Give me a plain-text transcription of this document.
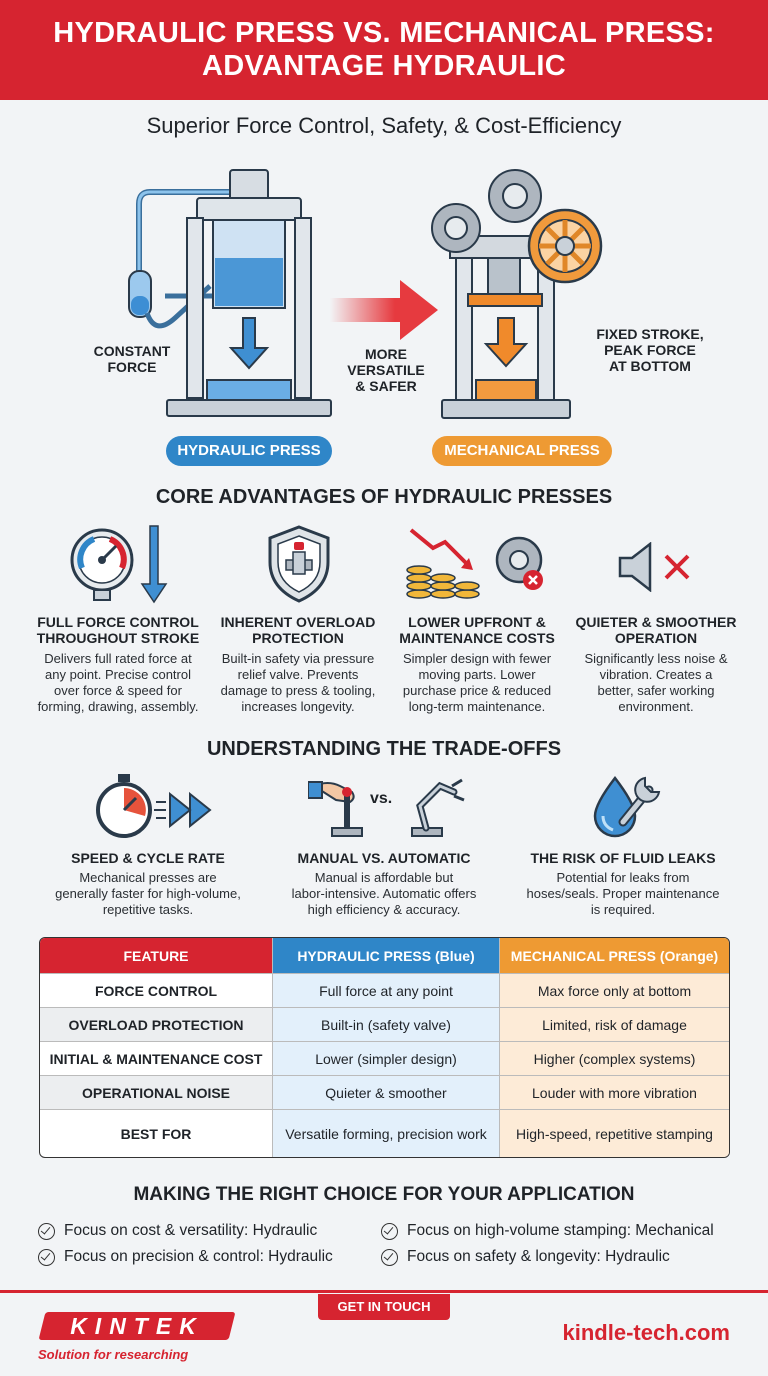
HYDRAULIC PRESS VS. MECHANICAL PRESS:
ADVANTAGE HYDRAULIC
Superior Force Control, Safety, & Cost-Efficiency
HYDRAULIC PRESS
CONSTANT
FORCE
MORE
VERSATILE
& SAFER
MECHANICAL PRESS
FIXED STROKE,
PEAK FORCE
AT BOTTOM
CORE ADVANTAGES OF HYDRAULIC PRESSES
FULL FORCE CONTROL
THROUGHOUT STROKE
Delivers full rated force at
any point. Precise control
over force & speed for
forming, drawing, assembly.
INHERENT OVERLOAD
PROTECTION
Built-in safety via pressure
relief valve. Prevents
damage to press & tooling,
increases longevity.
LOWER UPFRONT &
MAINTENANCE COSTS
Simpler design with fewer
moving parts. Lower
purchase price & reduced
long-term maintenance.
QUIETER & SMOOTHER
OPERATION
Significantly less noise &
vibration. Creates a
better, safer working
environment.
UNDERSTANDING THE TRADE-OFFS
SPEED & CYCLE RATE
Mechanical presses are
generally faster for high-volume,
repetitive tasks.
vs.
MANUAL VS. AUTOMATIC
Manual is affordable but
labor-intensive. Automatic offers
high efficiency & accuracy.
THE RISK OF FLUID LEAKS
Potential for leaks from
hoses/seals. Proper maintenance
is required.
FEATURE	HYDRAULIC PRESS (Blue)	MECHANICAL PRESS (Orange)
FORCE CONTROL	Full force at any point	Max force only at bottom
OVERLOAD PROTECTION	Built-in (safety valve)	Limited, risk of damage
INITIAL & MAINTENANCE COST	Lower (simpler design)	Higher (complex systems)
OPERATIONAL NOISE	Quieter & smoother	Louder with more vibration
BEST FOR	Versatile forming, precision work	High-speed, repetitive stamping
MAKING THE RIGHT CHOICE FOR YOUR APPLICATION
Focus on cost & versatility: Hydraulic	Focus on high-volume stamping: Mechanical
Focus on precision & control: Hydraulic	Focus on safety & longevity: Hydraulic
GET IN TOUCH
KINTEK
Solution for researching
kindle-tech.com
